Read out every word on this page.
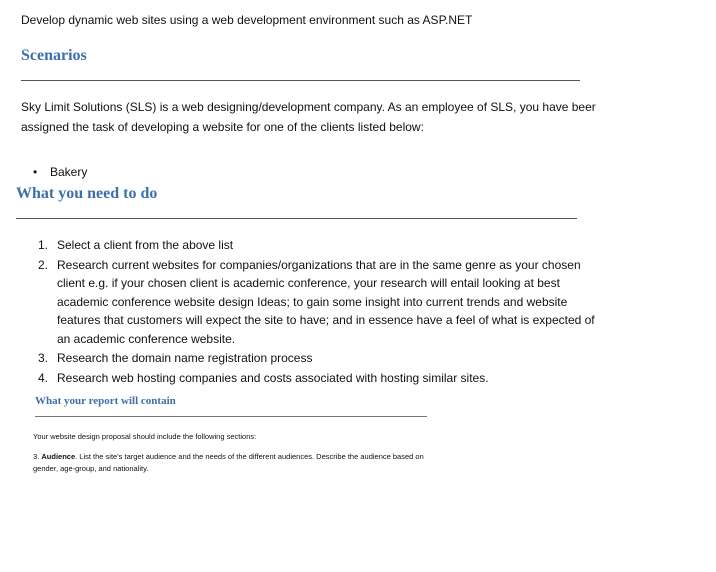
Develop dynamic web sites using a web development environment such as ASP.NET
Scenarios
Sky Limit Solutions (SLS) is a web designing/development company. As an employee of SLS, you have beer assigned the task of developing a website for one of the clients listed below:
• Bakery
What you need to do
1. Select a client from the above list
2. Research current websites for companies/organizations that are in the same genre as your chosen client e.g. if your chosen client is academic conference, your research will entail looking at best academic conference website design Ideas; to gain some insight into current trends and website features that customers will expect the site to have; and in essence have a feel of what is expected of an academic conference website.
3. Research the domain name registration process
4. Research web hosting companies and costs associated with hosting similar sites.
What your report will contain
Your website design proposal should include the following sections:
3. Audience. List the site's target audience and the needs of the different audiences. Describe the audience based on gender, age-group, and nationality.
